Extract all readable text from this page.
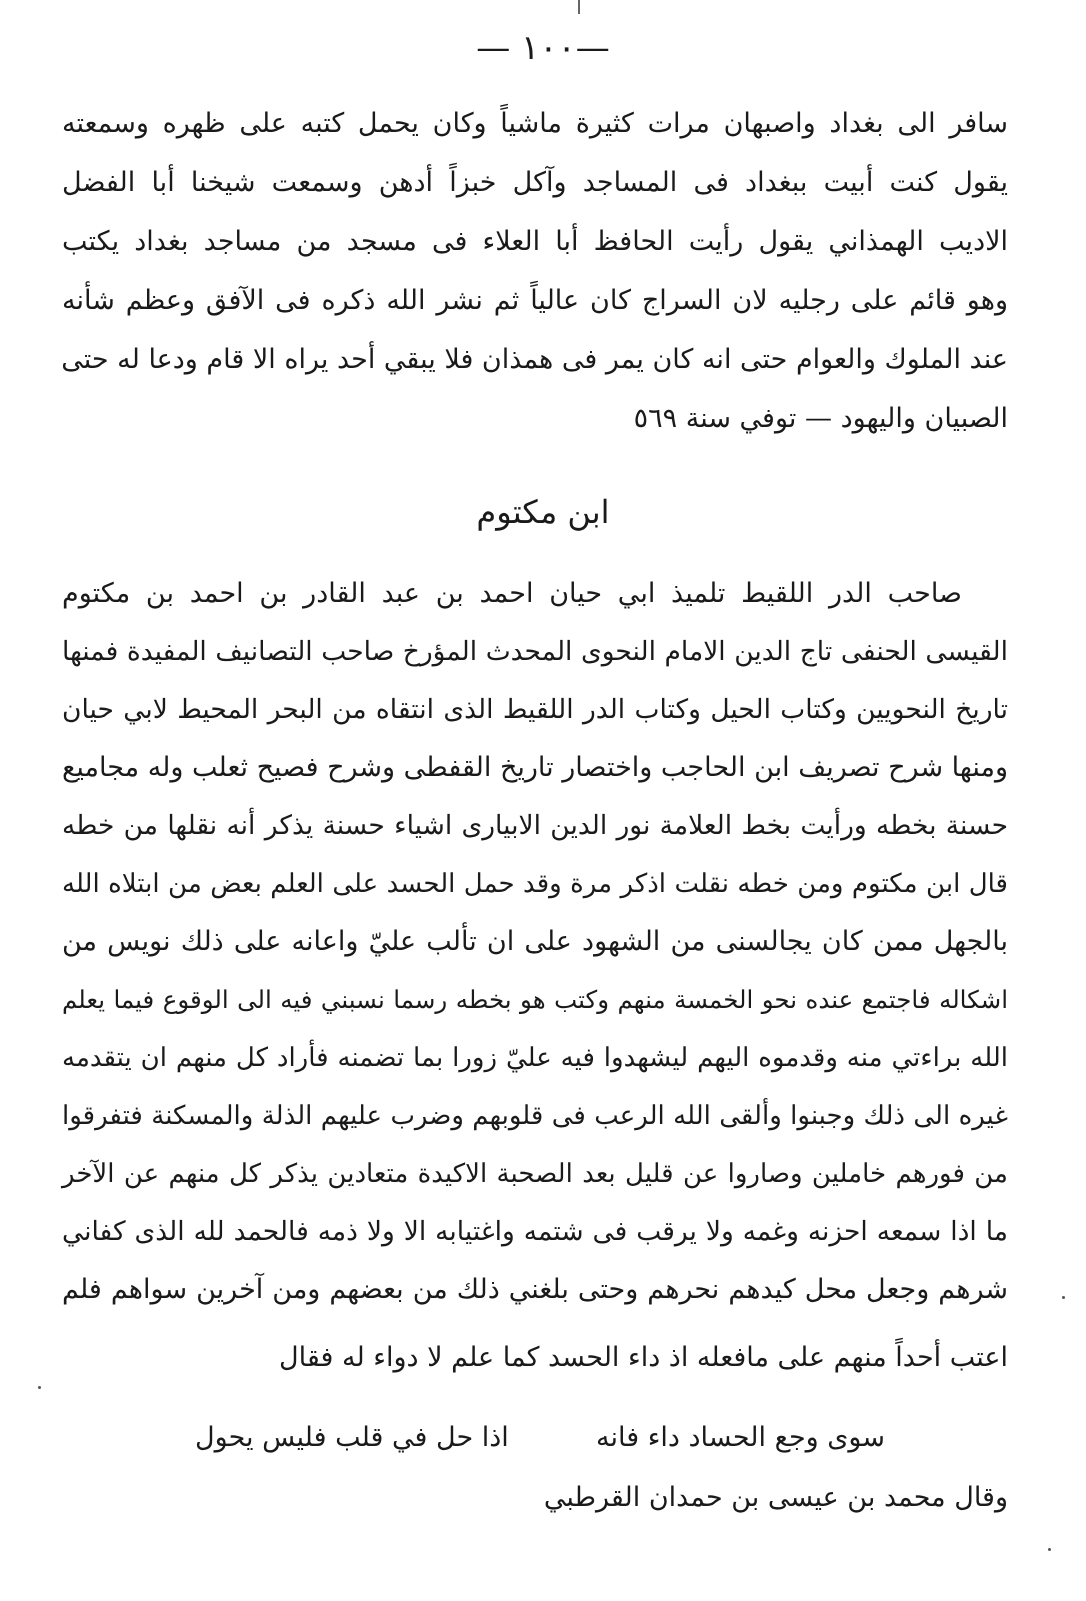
—١٠٠ —
سافر الى بغداد واصبهان مرات كثيرة ماشياً وكان يحمل كتبه على ظهره وسمعته
يقول كنت أبيت ببغداد فى المساجد وآكل خبزاً أدهن وسمعت شيخنا أبا الفضل
الاديب الهمذاني يقول رأيت الحافظ أبا العلاء فى مسجد من مساجد بغداد يكتب
وهو قائم على رجليه لان السراج كان عالياً ثم نشر الله ذكره فى الآفق وعظم شأنه
عند الملوك والعوام حتى انه كان يمر فى همذان فلا يبقي أحد يراه الا قام ودعا له حتى
الصبيان واليهود — توفي سنة ٥٦٩
ابن مكتوم
صاحب الدر اللقيط تلميذ ابي حيان احمد بن عبد القادر بن احمد بن مكتوم
القيسى الحنفى تاج الدين الامام النحوى المحدث المؤرخ صاحب التصانيف المفيدة فمنها
تاريخ النحويين وكتاب الحيل وكتاب الدر اللقيط الذى انتقاه من البحر المحيط لابي حيان
ومنها شرح تصريف ابن الحاجب واختصار تاريخ القفطى وشرح فصيح ثعلب وله مجاميع
حسنة بخطه ورأيت بخط العلامة نور الدين الابيارى اشياء حسنة يذكر أنه نقلها من خطه
قال ابن مكتوم ومن خطه نقلت اذكر مرة وقد حمل الحسد على العلم بعض من ابتلاه الله
بالجهل ممن كان يجالسنى من الشهود على ان تألب عليّ واعانه على ذلك نويس من
اشكاله فاجتمع عنده نحو الخمسة منهم وكتب هو بخطه رسما نسبني فيه الى الوقوع فيما يعلم
الله براءتي منه وقدموه اليهم ليشهدوا فيه عليّ زورا بما تضمنه فأراد كل منهم ان يتقدمه
غيره الى ذلك وجبنوا وألقى الله الرعب فى قلوبهم وضرب عليهم الذلة والمسكنة فتفرقوا
من فورهم خاملين وصاروا عن قليل بعد الصحبة الاكيدة متعادين يذكر كل منهم عن الآخر
ما اذا سمعه احزنه وغمه ولا يرقب فى شتمه واغتيابه الا ولا ذمه فالحمد لله الذى كفاني
شرهم وجعل محل كيدهم نحرهم وحتى بلغني ذلك من بعضهم ومن آخرين سواهم فلم
اعتب أحداً منهم على مافعله اذ داء الحسد كما علم لا دواء له فقال
سوى وجع الحساد داء فانه
اذا حل في قلب فليس يحول
وقال محمد بن عيسى بن حمدان القرطبي
